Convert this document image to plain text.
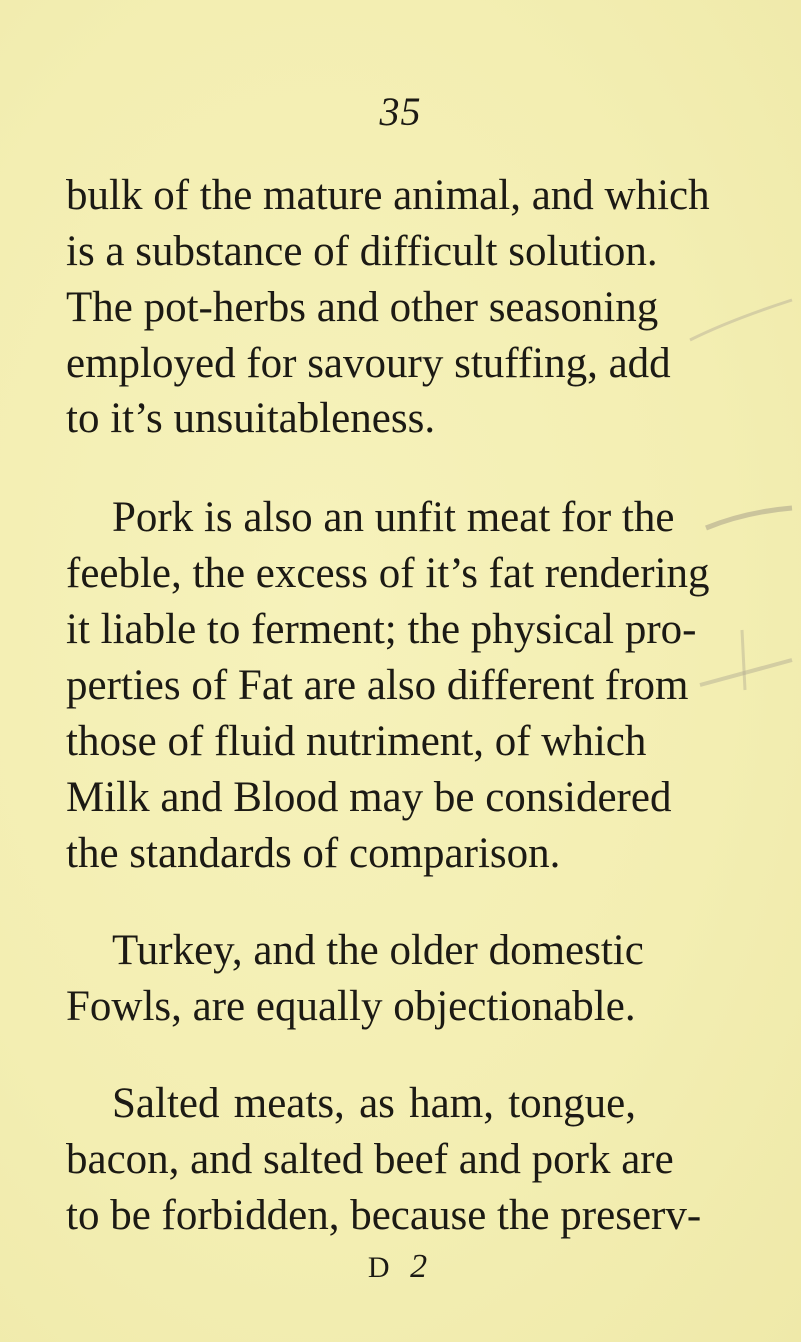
35
bulk of the mature animal, and which
is a substance of difficult solution.
The pot-herbs and other seasoning
employed for savoury stuffing, add
to it’s unsuitableness.
Pork is also an unfit meat for the
feeble, the excess of it’s fat rendering
it liable to ferment; the physical pro-
perties of Fat are also different from
those of fluid nutriment, of which
Milk and Blood may be considered
the standards of comparison.
Turkey, and the older domestic
Fowls, are equally objectionable.
Salted meats, as ham, tongue,
bacon, and salted beef and pork are
to be forbidden, because the preserv-
D 2
